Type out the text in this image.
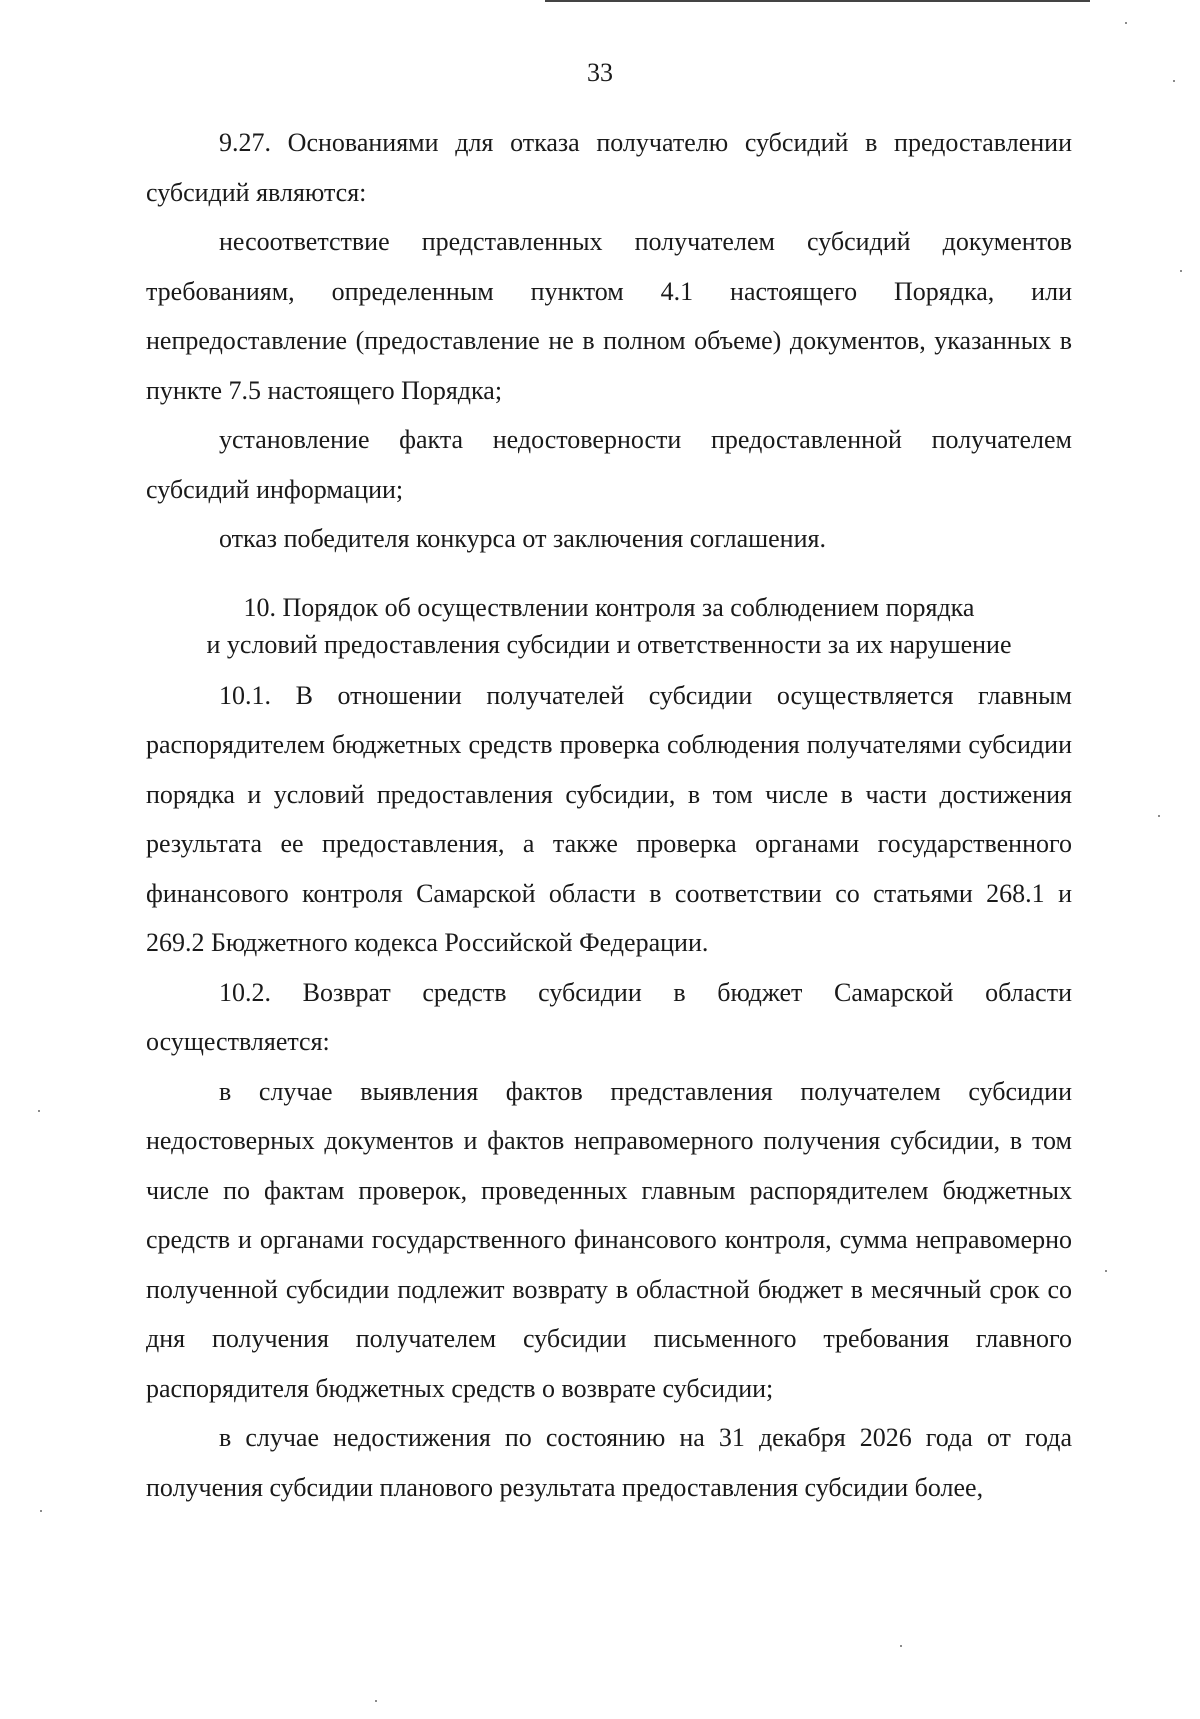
33

9.27. Основаниями для отказа получателю субсидий в предоставлении субсидий являются:

несоответствие представленных получателем субсидий документов требованиям, определенным пунктом 4.1 настоящего Порядка, или непредоставление (предоставление не в полном объеме) документов, указанных в пункте 7.5 настоящего Порядка;

установление факта недостоверности предоставленной получателем субсидий информации;

отказ победителя конкурса от заключения соглашения.

10. Порядок об осуществлении контроля за соблюдением порядка
и условий предоставления субсидии и ответственности за их нарушение

10.1. В отношении получателей субсидии осуществляется главным распорядителем бюджетных средств проверка соблюдения получателями субсидии порядка и условий предоставления субсидии, в том числе в части достижения результата ее предоставления, а также проверка органами государственного финансового контроля Самарской области в соответствии со статьями 268.1 и 269.2 Бюджетного кодекса Российской Федерации.

10.2. Возврат средств субсидии в бюджет Самарской области осуществляется:

в случае выявления фактов представления получателем субсидии недостоверных документов и фактов неправомерного получения субсидии, в том числе по фактам проверок, проведенных главным распорядителем бюджетных средств и органами государственного финансового контроля, сумма неправомерно полученной субсидии подлежит возврату в областной бюджет в месячный срок со дня получения получателем субсидии письменного требования главного распорядителя бюджетных средств о возврате субсидии;

в случае недостижения по состоянию на 31 декабря 2026 года от года получения субсидии планового результата предоставления субсидии более,
